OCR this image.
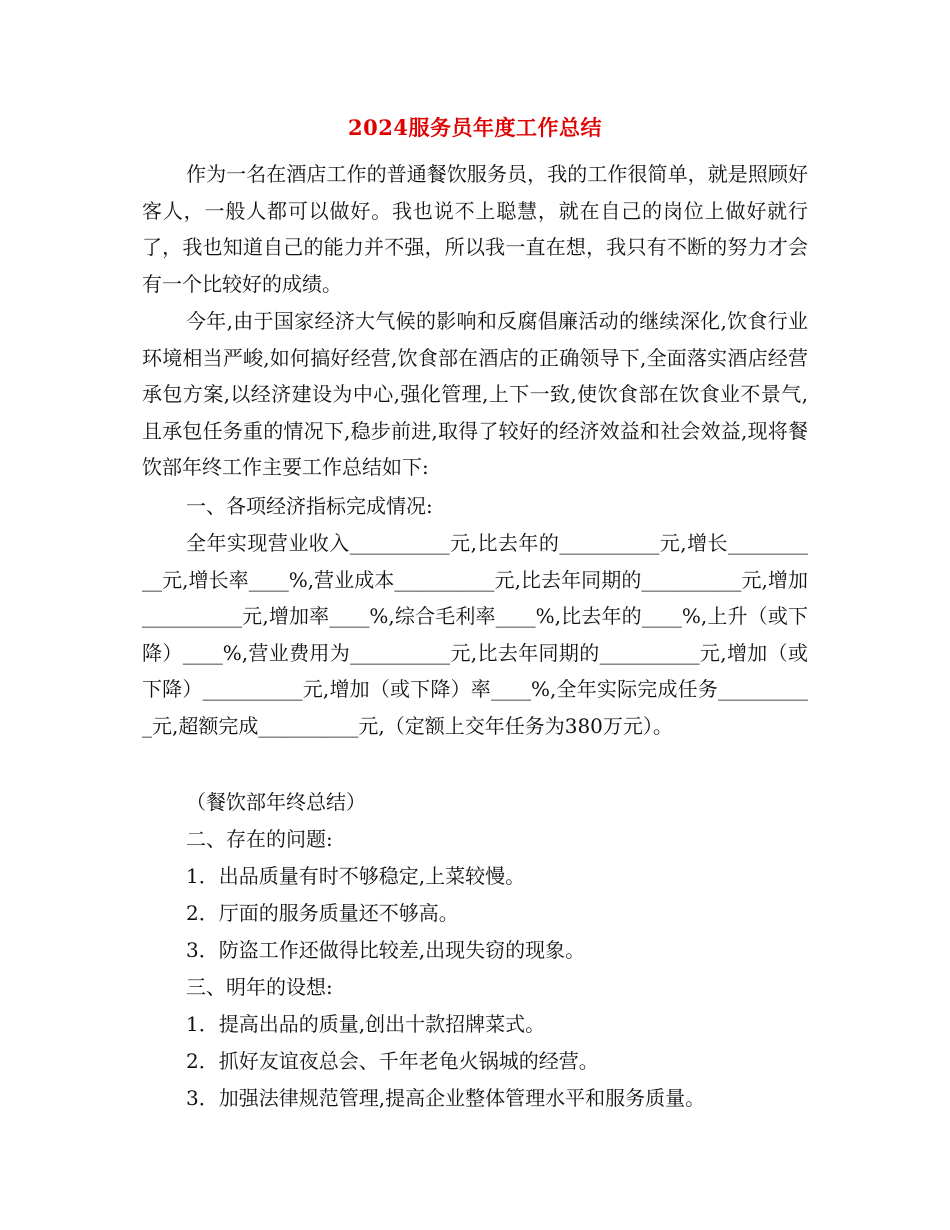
2024服务员年度工作总结
作为一名在酒店工作的普通餐饮服务员，我的工作很简单，就是照顾好客人，一般人都可以做好。我也说不上聪慧，就在自己的岗位上做好就行了，我也知道自己的能力并不强，所以我一直在想，我只有不断的努力才会有一个比较好的成绩。
今年,由于国家经济大气候的影响和反腐倡廉活动的继续深化,饮食行业环境相当严峻,如何搞好经营,饮食部在酒店的正确领导下,全面落实酒店经营承包方案,以经济建设为中心,强化管理,上下一致,使饮食部在饮食业不景气,且承包任务重的情况下,稳步前进,取得了较好的经济效益和社会效益,现将餐饮部年终工作主要工作总结如下:
一、各项经济指标完成情况:
全年实现营业收入__________元,比去年的__________元,增长__________元,增长率____%,营业成本__________元,比去年同期的__________元,增加__________元,增加率____%,综合毛利率____%,比去年的____%,上升（或下降）____%,营业费用为__________元,比去年同期的__________元,增加（或下降）__________元,增加（或下降）率____%,全年实际完成任务__________元,超额完成__________元,（定额上交年任务为380万元）。
（餐饮部年终总结）
二、存在的问题:
1．出品质量有时不够稳定,上菜较慢。
2．厅面的服务质量还不够高。
3．防盗工作还做得比较差,出现失窃的现象。
三、明年的设想:
1．提高出品的质量,创出十款招牌菜式。
2．抓好友谊夜总会、千年老龟火锅城的经营。
3．加强法律规范管理,提高企业整体管理水平和服务质量。
